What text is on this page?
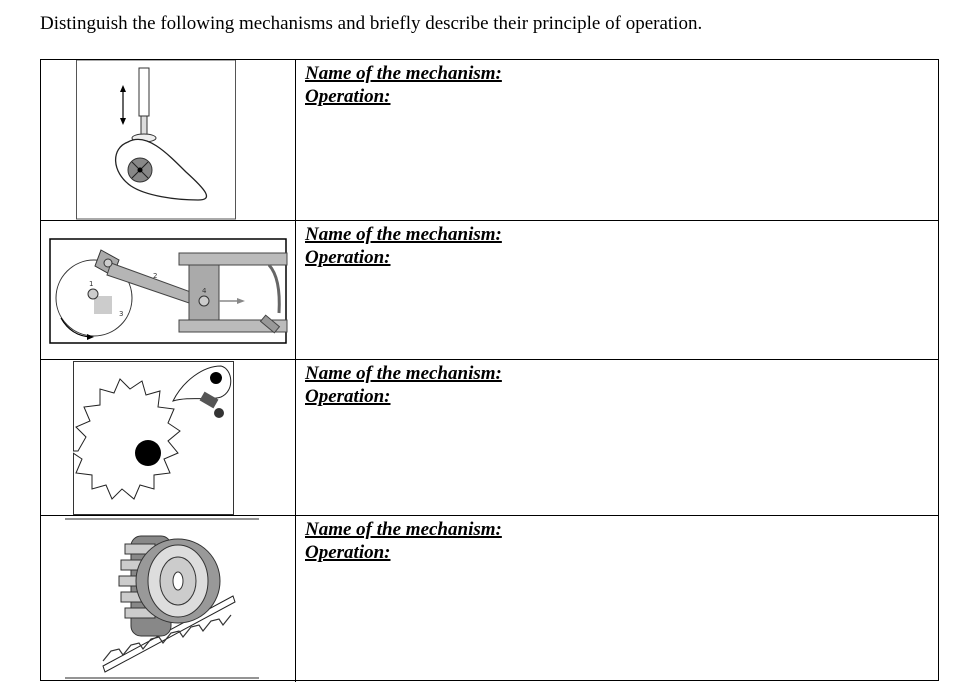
Distinguish the following mechanisms and briefly describe their principle of operation.
Name of the mechanism:
Operation:
1
2
3
4
Name of the mechanism:
Operation:
Name of the mechanism:
Operation:
Name of the mechanism:
Operation:
